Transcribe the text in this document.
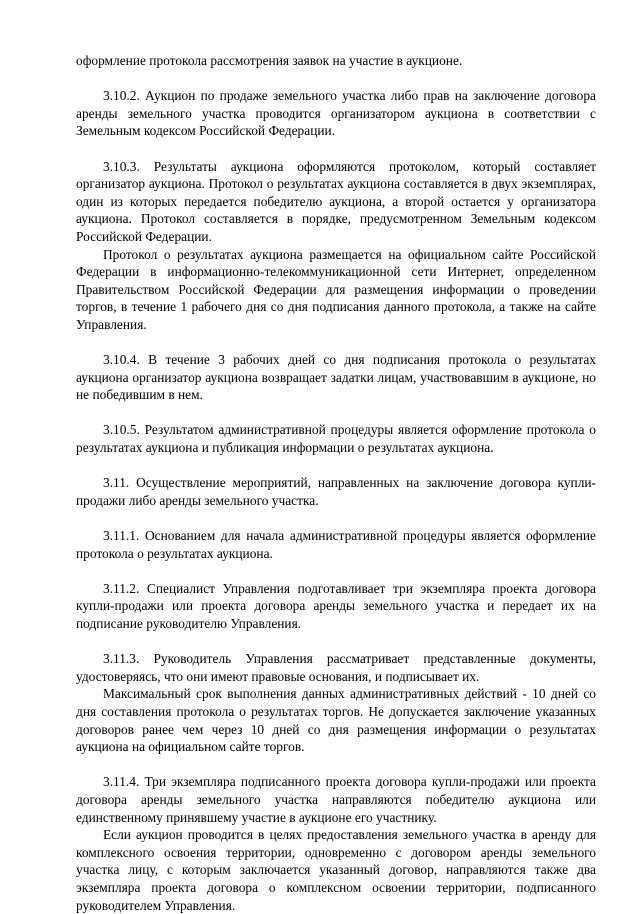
оформление протокола рассмотрения заявок на участие в аукционе.

3.10.2. Аукцион по продаже земельного участка либо прав на заключение договора аренды земельного участка проводится организатором аукциона в соответствии с Земельным кодексом Российской Федерации.

3.10.3. Результаты аукциона оформляются протоколом, который составляет организатор аукциона. Протокол о результатах аукциона составляется в двух экземплярах, один из которых передается победителю аукциона, а второй остается у организатора аукциона. Протокол составляется в порядке, предусмотренном Земельным кодексом Российской Федерации.

Протокол о результатах аукциона размещается на официальном сайте Российской Федерации в информационно-телекоммуникационной сети Интернет, определенном Правительством Российской Федерации для размещения информации о проведении торгов, в течение 1 рабочего дня со дня подписания данного протокола, а также на сайте Управления.

3.10.4. В течение 3 рабочих дней со дня подписания протокола о результатах аукциона организатор аукциона возвращает задатки лицам, участвовавшим в аукционе, но не победившим в нем.

3.10.5. Результатом административной процедуры является оформление протокола о результатах аукциона и публикация информации о результатах аукциона.

3.11. Осуществление мероприятий, направленных на заключение договора купли-продажи либо аренды земельного участка.

3.11.1. Основанием для начала административной процедуры является оформление протокола о результатах аукциона.

3.11.2. Специалист Управления подготавливает три экземпляра проекта договора купли-продажи или проекта договора аренды земельного участка и передает их на подписание руководителю Управления.

3.11.3. Руководитель Управления рассматривает представленные документы, удостоверяясь, что они имеют правовые основания, и подписывает их.

Максимальный срок выполнения данных административных действий - 10 дней со дня составления протокола о результатах торгов. Не допускается заключение указанных договоров ранее чем через 10 дней со дня размещения информации о результатах аукциона на официальном сайте торгов.

3.11.4. Три экземпляра подписанного проекта договора купли-продажи или проекта договора аренды земельного участка направляются победителю аукциона или единственному принявшему участие в аукционе его участнику.

Если аукцион проводится в целях предоставления земельного участка в аренду для комплексного освоения территории, одновременно с договором аренды земельного участка лицу, с которым заключается указанный договор, направляются также два экземпляра проекта договора о комплексном освоении территории, подписанного руководителем Управления.
